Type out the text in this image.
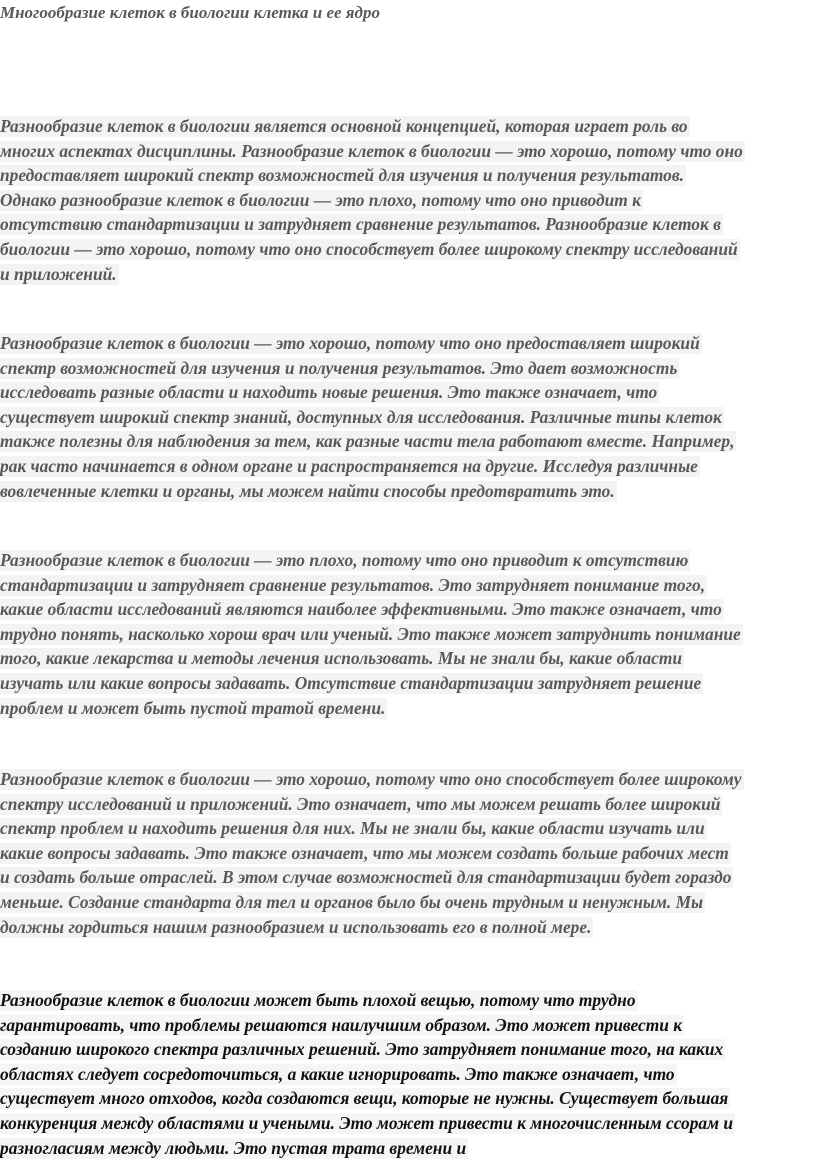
Многообразие клеток в биологии клетка и ее ядро

Разнообразие клеток в биологии является основной концепцией, которая играет роль во
многих аспектах дисциплины. Разнообразие клеток в биологии — это хорошо, потому что оно
предоставляет широкий спектр возможностей для изучения и получения результатов.
Однако разнообразие клеток в биологии — это плохо, потому что оно приводит к
отсутствию стандартизации и затрудняет сравнение результатов. Разнообразие клеток в
биологии — это хорошо, потому что оно способствует более широкому спектру исследований
и приложений.

Разнообразие клеток в биологии — это хорошо, потому что оно предоставляет широкий
спектр возможностей для изучения и получения результатов. Это дает возможность
исследовать разные области и находить новые решения. Это также означает, что
существует широкий спектр знаний, доступных для исследования. Различные типы клеток
также полезны для наблюдения за тем, как разные части тела работают вместе. Например,
рак часто начинается в одном органе и распространяется на другие. Исследуя различные
вовлеченные клетки и органы, мы можем найти способы предотвратить это.

Разнообразие клеток в биологии — это плохо, потому что оно приводит к отсутствию
стандартизации и затрудняет сравнение результатов. Это затрудняет понимание того,
какие области исследований являются наиболее эффективными. Это также означает, что
трудно понять, насколько хорош врач или ученый. Это также может затруднить понимание
того, какие лекарства и методы лечения использовать. Мы не знали бы, какие области
изучать или какие вопросы задавать. Отсутствие стандартизации затрудняет решение
проблем и может быть пустой тратой времени.

Разнообразие клеток в биологии — это хорошо, потому что оно способствует более широкому
спектру исследований и приложений. Это означает, что мы можем решать более широкий
спектр проблем и находить решения для них. Мы не знали бы, какие области изучать или
какие вопросы задавать. Это также означает, что мы можем создать больше рабочих мест
и создать больше отраслей. В этом случае возможностей для стандартизации будет гораздо
меньше. Создание стандарта для тел и органов было бы очень трудным и ненужным. Мы
должны гордиться нашим разнообразием и использовать его в полной мере.

Разнообразие клеток в биологии может быть плохой вещью, потому что трудно
гарантировать, что проблемы решаются наилучшим образом. Это может привести к
созданию широкого спектра различных решений. Это затрудняет понимание того, на каких
областях следует сосредоточиться, а какие игнорировать. Это также означает, что
существует много отходов, когда создаются вещи, которые не нужны. Существует большая
конкуренция между областями и учеными. Это может привести к многочисленным ссорам и
разногласиям между людьми. Это пустая трата времени и
